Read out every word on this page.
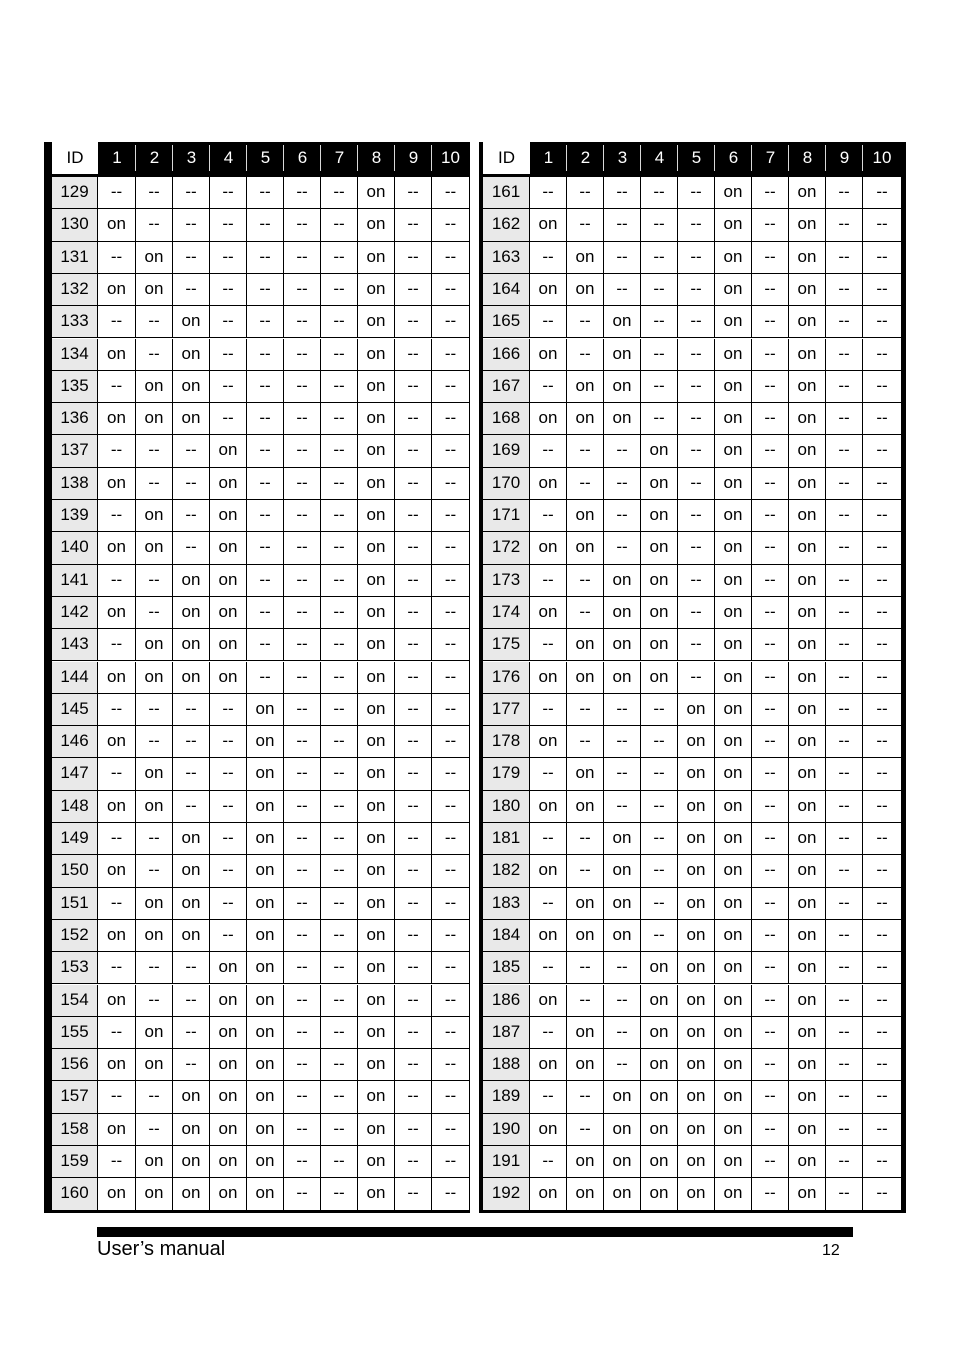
ID	1	2	3	4	5	6	7	8	9	10
129	--	--	--	--	--	--	--	on	--	--
130	on	--	--	--	--	--	--	on	--	--
131	--	on	--	--	--	--	--	on	--	--
132	on	on	--	--	--	--	--	on	--	--
133	--	--	on	--	--	--	--	on	--	--
134	on	--	on	--	--	--	--	on	--	--
135	--	on	on	--	--	--	--	on	--	--
136	on	on	on	--	--	--	--	on	--	--
137	--	--	--	on	--	--	--	on	--	--
138	on	--	--	on	--	--	--	on	--	--
139	--	on	--	on	--	--	--	on	--	--
140	on	on	--	on	--	--	--	on	--	--
141	--	--	on	on	--	--	--	on	--	--
142	on	--	on	on	--	--	--	on	--	--
143	--	on	on	on	--	--	--	on	--	--
144	on	on	on	on	--	--	--	on	--	--
145	--	--	--	--	on	--	--	on	--	--
146	on	--	--	--	on	--	--	on	--	--
147	--	on	--	--	on	--	--	on	--	--
148	on	on	--	--	on	--	--	on	--	--
149	--	--	on	--	on	--	--	on	--	--
150	on	--	on	--	on	--	--	on	--	--
151	--	on	on	--	on	--	--	on	--	--
152	on	on	on	--	on	--	--	on	--	--
153	--	--	--	on	on	--	--	on	--	--
154	on	--	--	on	on	--	--	on	--	--
155	--	on	--	on	on	--	--	on	--	--
156	on	on	--	on	on	--	--	on	--	--
157	--	--	on	on	on	--	--	on	--	--
158	on	--	on	on	on	--	--	on	--	--
159	--	on	on	on	on	--	--	on	--	--
160	on	on	on	on	on	--	--	on	--	--
ID	1	2	3	4	5	6	7	8	9	10
161	--	--	--	--	--	on	--	on	--	--
162	on	--	--	--	--	on	--	on	--	--
163	--	on	--	--	--	on	--	on	--	--
164	on	on	--	--	--	on	--	on	--	--
165	--	--	on	--	--	on	--	on	--	--
166	on	--	on	--	--	on	--	on	--	--
167	--	on	on	--	--	on	--	on	--	--
168	on	on	on	--	--	on	--	on	--	--
169	--	--	--	on	--	on	--	on	--	--
170	on	--	--	on	--	on	--	on	--	--
171	--	on	--	on	--	on	--	on	--	--
172	on	on	--	on	--	on	--	on	--	--
173	--	--	on	on	--	on	--	on	--	--
174	on	--	on	on	--	on	--	on	--	--
175	--	on	on	on	--	on	--	on	--	--
176	on	on	on	on	--	on	--	on	--	--
177	--	--	--	--	on	on	--	on	--	--
178	on	--	--	--	on	on	--	on	--	--
179	--	on	--	--	on	on	--	on	--	--
180	on	on	--	--	on	on	--	on	--	--
181	--	--	on	--	on	on	--	on	--	--
182	on	--	on	--	on	on	--	on	--	--
183	--	on	on	--	on	on	--	on	--	--
184	on	on	on	--	on	on	--	on	--	--
185	--	--	--	on	on	on	--	on	--	--
186	on	--	--	on	on	on	--	on	--	--
187	--	on	--	on	on	on	--	on	--	--
188	on	on	--	on	on	on	--	on	--	--
189	--	--	on	on	on	on	--	on	--	--
190	on	--	on	on	on	on	--	on	--	--
191	--	on	on	on	on	on	--	on	--	--
192	on	on	on	on	on	on	--	on	--	--
User’s manual	12
